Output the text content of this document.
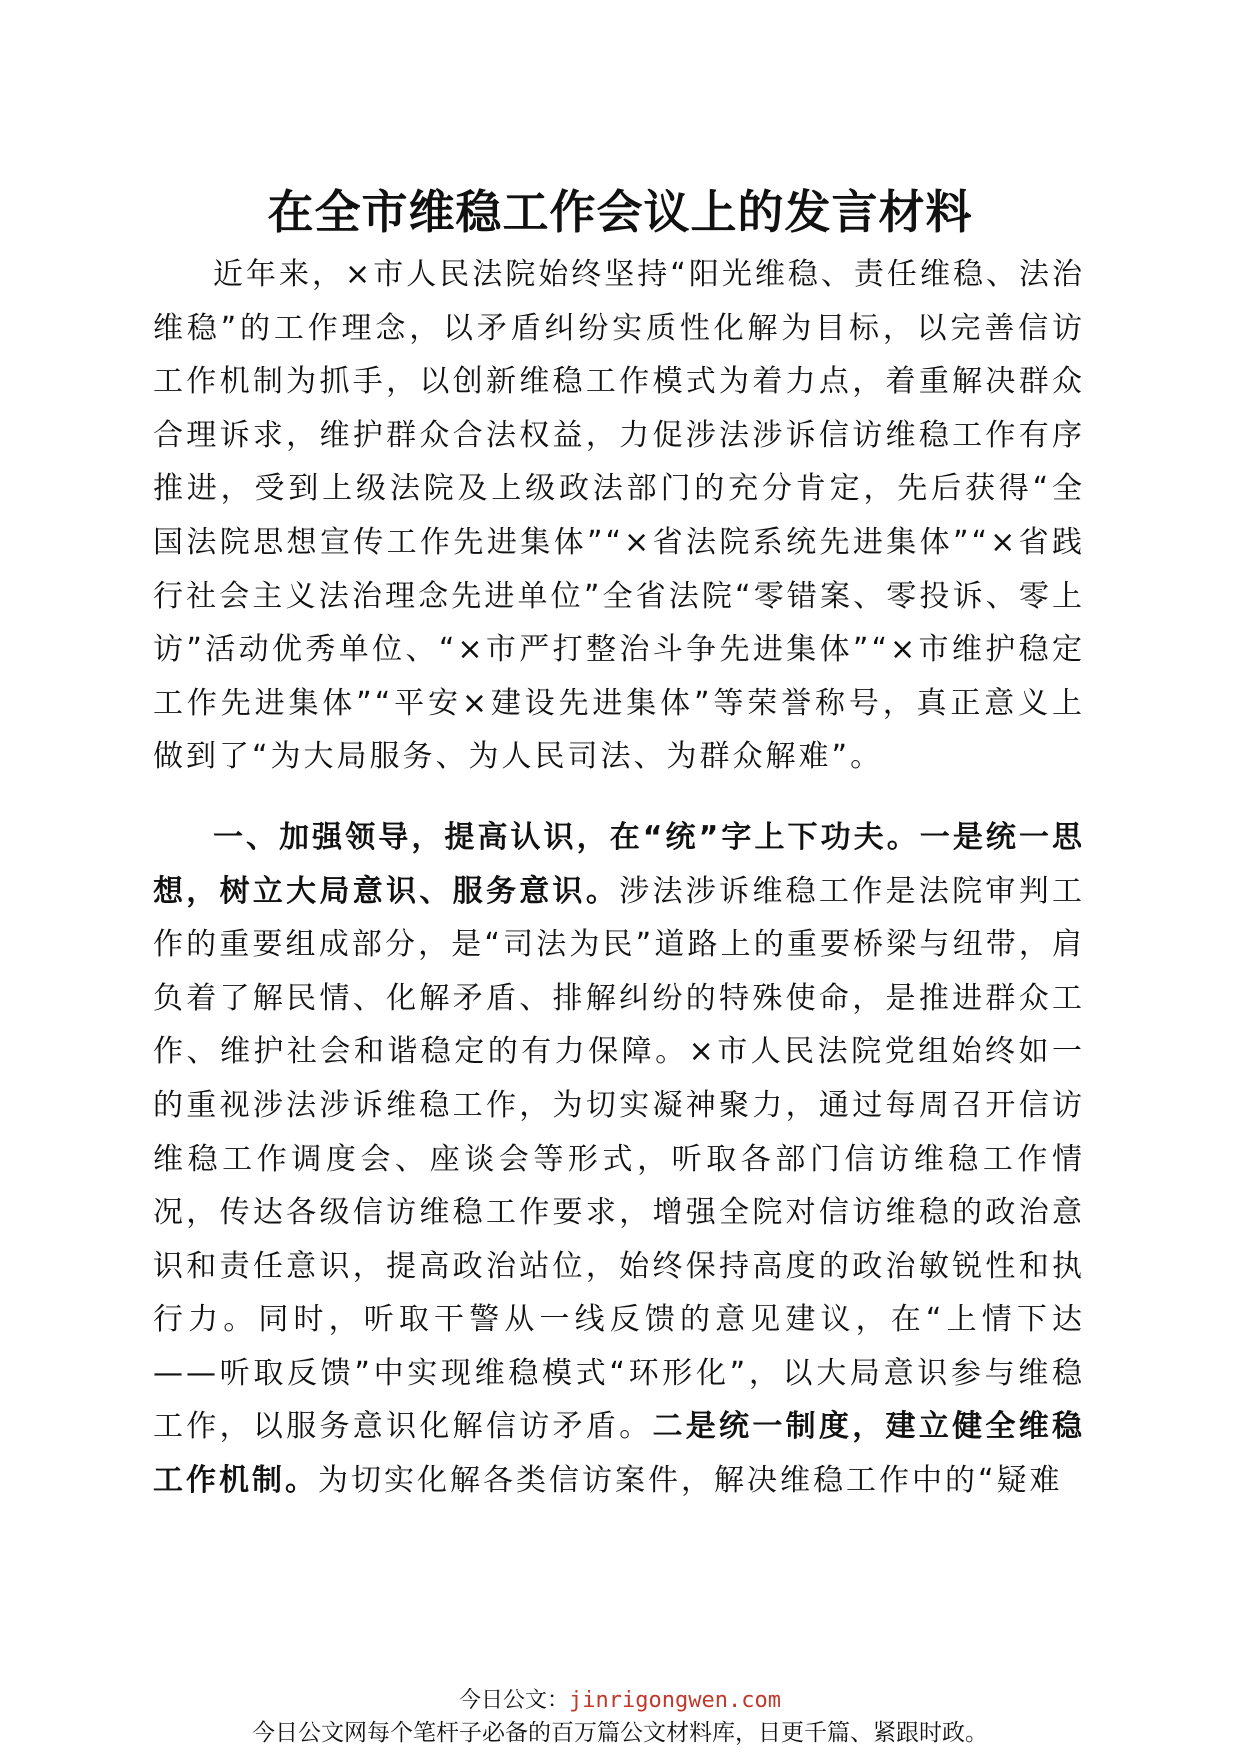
在全市维稳工作会议上的发言材料

近年来，×市人民法院始终坚持“阳光维稳、责任维稳、法治维稳”的工作理念，以矛盾纠纷实质性化解为目标，以完善信访工作机制为抓手，以创新维稳工作模式为着力点，着重解决群众合理诉求，维护群众合法权益，力促涉法涉诉信访维稳工作有序推进，受到上级法院及上级政法部门的充分肯定，先后获得“全国法院思想宣传工作先进集体”“×省法院系统先进集体”“×省践行社会主义法治理念先进单位”全省法院“零错案、零投诉、零上访”活动优秀单位、“×市严打整治斗争先进集体”“×市维护稳定工作先进集体”“平安×建设先进集体”等荣誉称号，真正意义上做到了“为大局服务、为人民司法、为群众解难”。

一、加强领导，提高认识，在“统”字上下功夫。一是统一思想，树立大局意识、服务意识。涉法涉诉维稳工作是法院审判工作的重要组成部分，是“司法为民”道路上的重要桥梁与纽带，肩负着了解民情、化解矛盾、排解纠纷的特殊使命，是推进群众工作、维护社会和谐稳定的有力保障。×市人民法院党组始终如一的重视涉法涉诉维稳工作，为切实凝神聚力，通过每周召开信访维稳工作调度会、座谈会等形式，听取各部门信访维稳工作情况，传达各级信访维稳工作要求，增强全院对信访维稳的政治意识和责任意识，提高政治站位，始终保持高度的政治敏锐性和执行力。同时，听取干警从一线反馈的意见建议，在“上情下达——听取反馈”中实现维稳模式“环形化”，以大局意识参与维稳工作，以服务意识化解信访矛盾。二是统一制度，建立健全维稳工作机制。为切实化解各类信访案件，解决维稳工作中的“疑难

今日公文：jinrigongwen.com
今日公文网每个笔杆子必备的百万篇公文材料库，日更千篇、紧跟时政。
